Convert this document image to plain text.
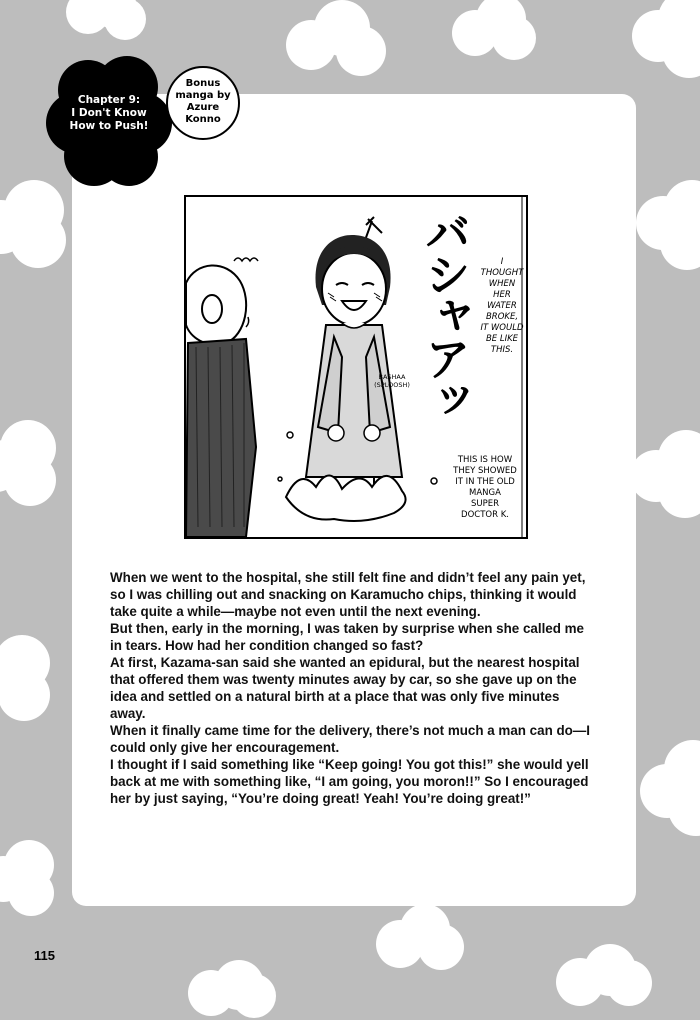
Chapter 9:
I Don't Know
How to Push!
Bonus
manga by
Azure
Konno
バシャアッ
BASHAA
(SPLOOSH)
I
THOUGHT
WHEN
HER
WATER
BROKE,
IT WOULD
BE LIKE
THIS.
THIS IS HOW
THEY SHOWED
IT IN THE OLD
MANGA
SUPER
DOCTOR K.

When we went to the hospital, she still felt fine and didn’t feel any pain yet, so I was chilling out and snacking on Karamucho chips, thinking it would take quite a while—maybe not even until the next evening.

But then, early in the morning, I was taken by surprise when she called me in tears. How had her condition changed so fast?

At first, Kazama-san said she wanted an epidural, but the nearest hospital that offered them was twenty minutes away by car, so she gave up on the idea and settled on a natural birth at a place that was only five minutes away.

When it finally came time for the delivery, there’s not much a man can do—I could only give her encouragement.

I thought if I said something like “Keep going! You got this!” she would yell back at me with something like, “I am going, you moron!!” So I encouraged her by just saying, “You’re doing great! Yeah! You’re doing great!”

115
